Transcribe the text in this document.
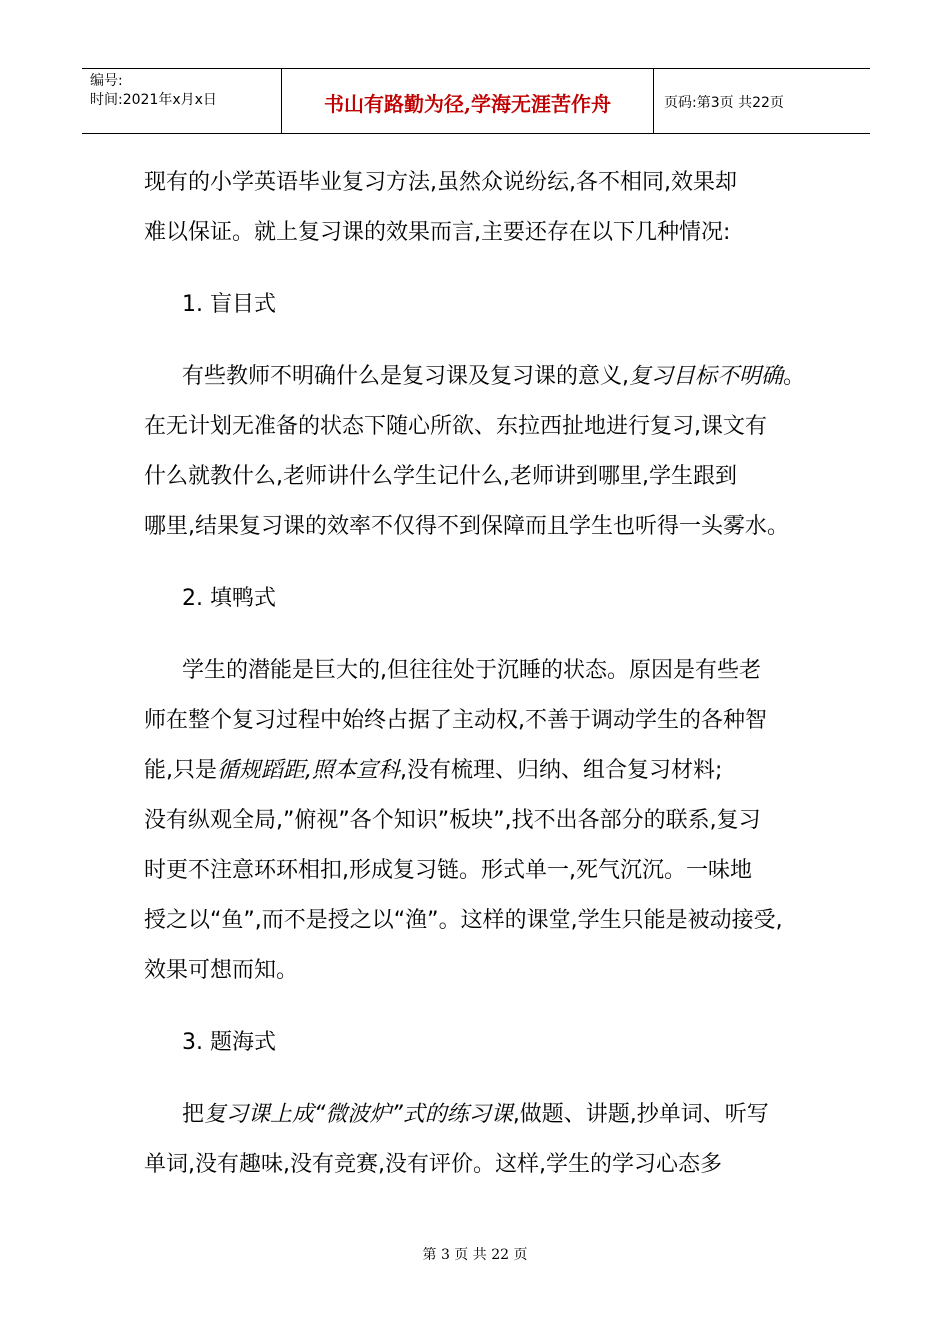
编号:
时间:2021年x月x日	书山有路勤为径,学海无涯苦作舟	页码:第3页 共22页

现有的小学英语毕业复习方法,虽然众说纷纭,各不相同,效果却

难以保证。就上复习课的效果而言,主要还存在以下几种情况:

1. 盲目式

有些教师不明确什么是复习课及复习课的意义,复习目标不明确。

在无计划无准备的状态下随心所欲、东拉西扯地进行复习,课文有

什么就教什么,老师讲什么学生记什么,老师讲到哪里,学生跟到

哪里,结果复习课的效率不仅得不到保障而且学生也听得一头雾水。

2. 填鸭式

学生的潜能是巨大的,但往往处于沉睡的状态。原因是有些老

师在整个复习过程中始终占据了主动权,不善于调动学生的各种智

能,只是循规蹈距,照本宣科,没有梳理、归纳、组合复习材料;

没有纵观全局,”俯视”各个知识”板块”,找不出各部分的联系,复习

时更不注意环环相扣,形成复习链。形式单一,死气沉沉。一味地

授之以“鱼”,而不是授之以“渔”。这样的课堂,学生只能是被动接受,

效果可想而知。

3. 题海式

把复习课上成“微波炉”式的练习课,做题、讲题,抄单词、听写

单词,没有趣味,没有竞赛,没有评价。这样,学生的学习心态多

第 3 页 共 22 页
